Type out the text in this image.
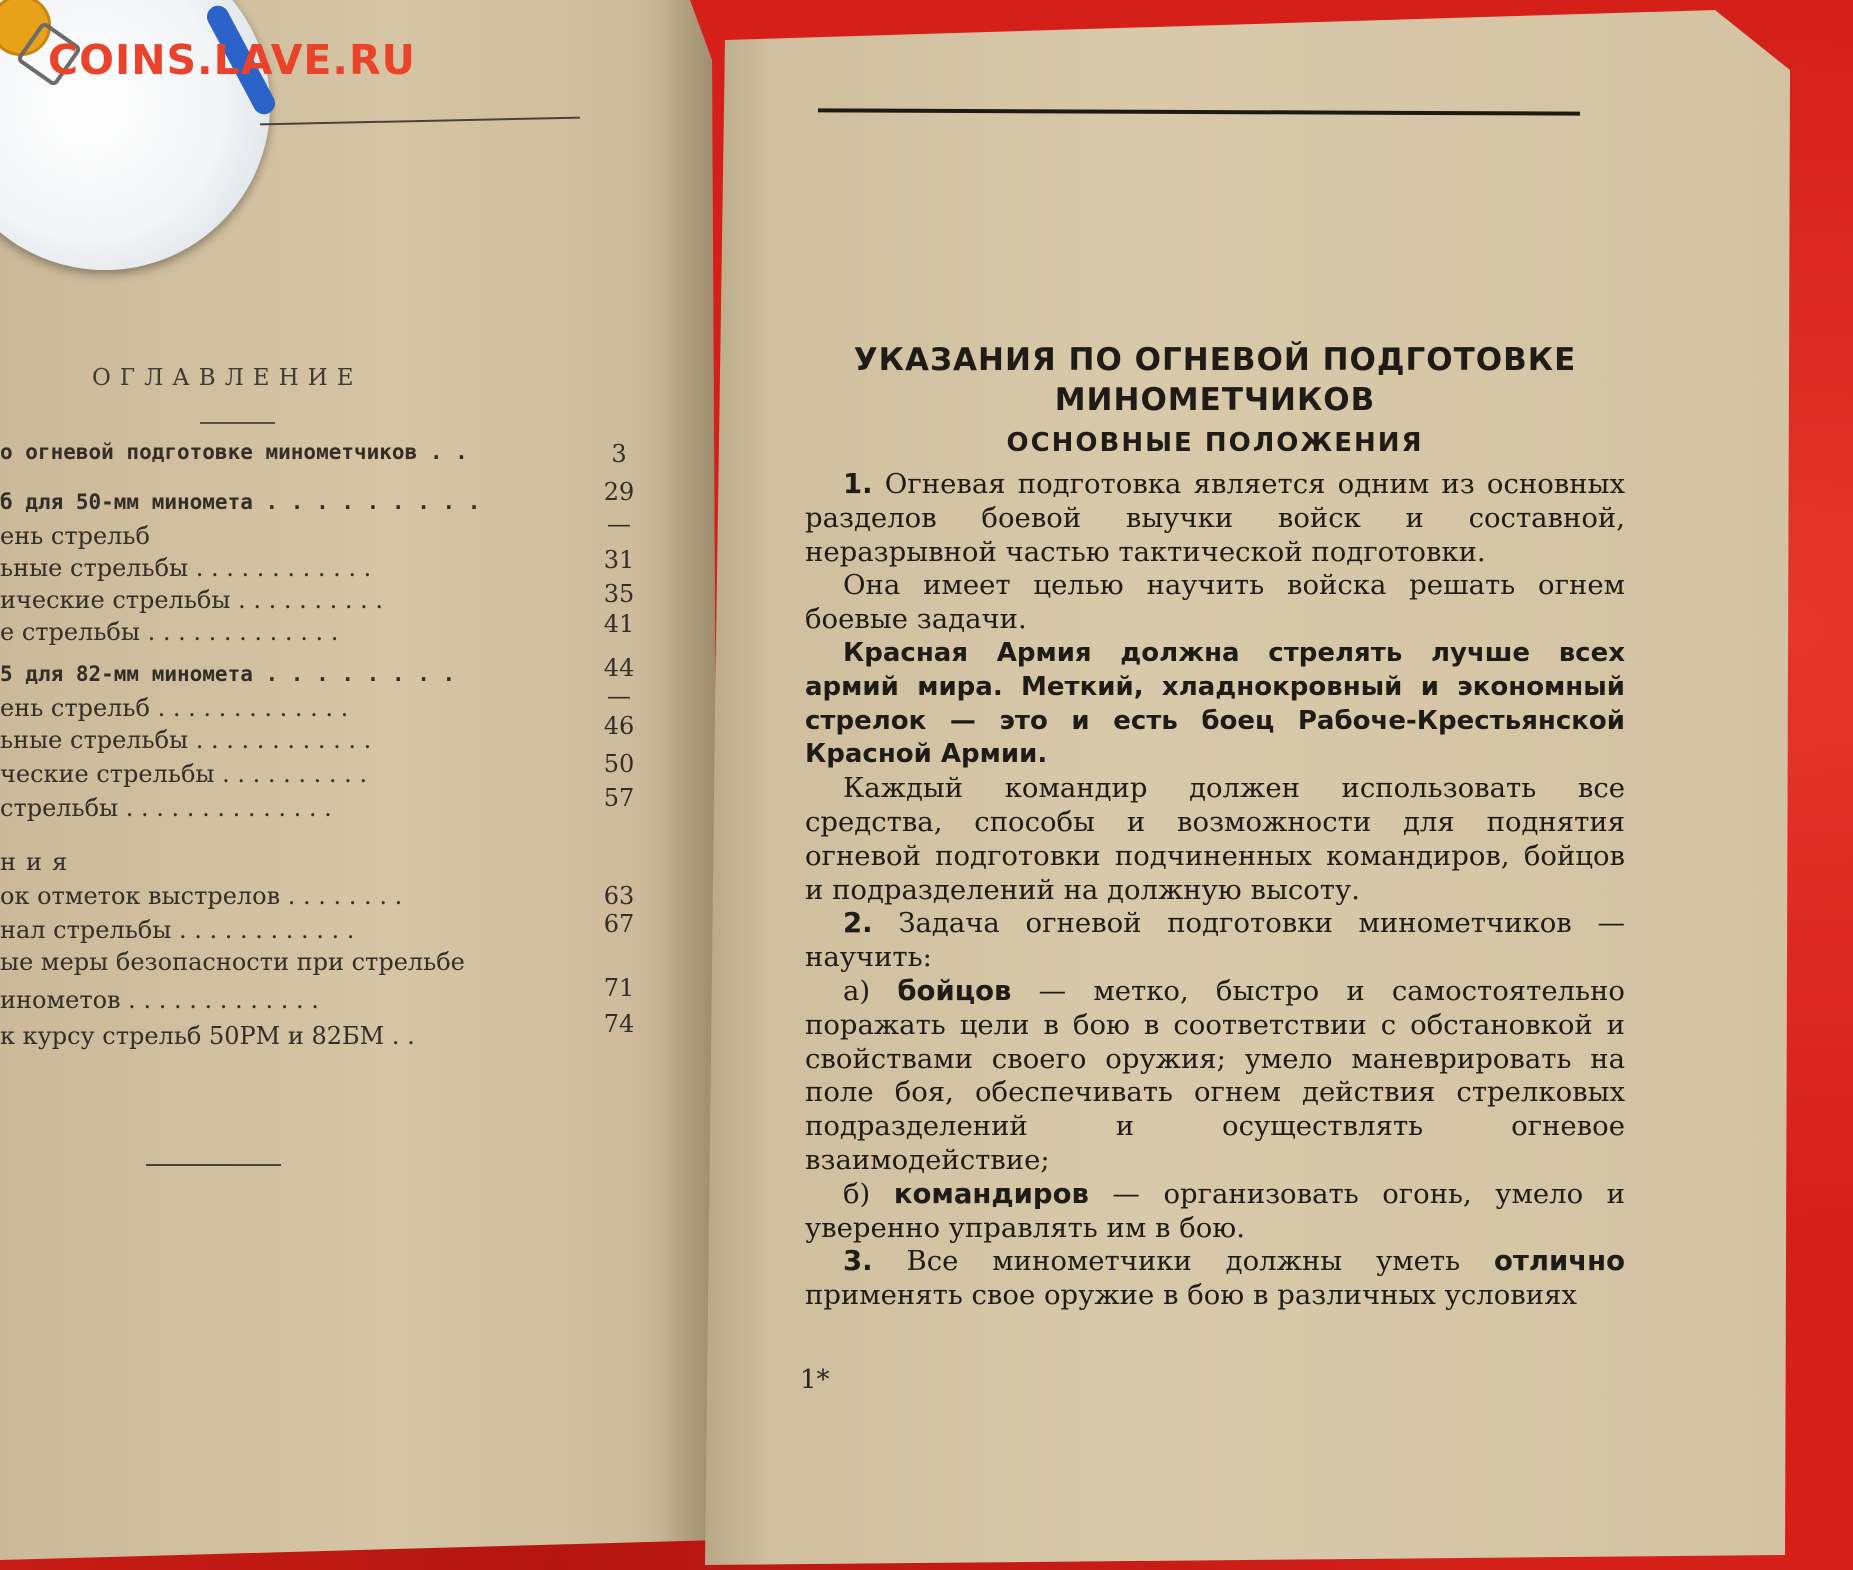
COINS.LAVE.RU

ОГЛАВЛЕНИЕ
о огневой подготовке минометчиков . .	3
б для 50-мм миномета . . . . . . . . .	29
ень стрельб	—
ьные стрельбы . . . . . . . . . . . .	31
ические стрельбы . . . . . . . . . .	35
е стрельбы . . . . . . . . . . . . .	41
5 для 82-мм миномета . . . . . . . .	44
ень стрельб . . . . . . . . . . . . .	—
ьные стрельбы . . . . . . . . . . . .	46
ческие стрельбы . . . . . . . . . .	50
стрельбы . . . . . . . . . . . . . .	57
ния
ок отметок выстрелов . . . . . . . .	63
нал стрельбы . . . . . . . . . . . .	67
ые меры безопасности при стрельбе
инометов . . . . . . . . . . . . .	71
к курсу стрельб 50РМ и 82БМ . .	74
УКАЗАНИЯ ПО ОГНЕВОЙ ПОДГОТОВКЕ
МИНОМЕТЧИКОВ
ОСНОВНЫЕ ПОЛОЖЕНИЯ

1. Огневая подготовка является одним из основных разделов боевой выучки войск и составной, неразрывной частью тактической подготовки.

Она имеет целью научить войска решать огнем боевые задачи.

Красная Армия должна стрелять лучше всех армий мира. Меткий, хладнокровный и экономный стрелок — это и есть боец Рабоче-Крестьянской Красной Армии.

Каждый командир должен использовать все средства, способы и возможности для поднятия огневой подготовки подчиненных командиров, бойцов и подразделений на должную высоту.

2. Задача огневой подготовки минометчиков — научить:

а) бойцов — метко, быстро и самостоятельно поражать цели в бою в соответствии с обстановкой и свойствами своего оружия; умело маневрировать на поле боя, обеспечивать огнем действия стрелковых подразделений и осуществлять огневое взаимодействие;

б) командиров — организовать огонь, умело и уверенно управлять им в бою.

3. Все минометчики должны уметь отлично применять свое оружие в бою в различных условиях

1*
